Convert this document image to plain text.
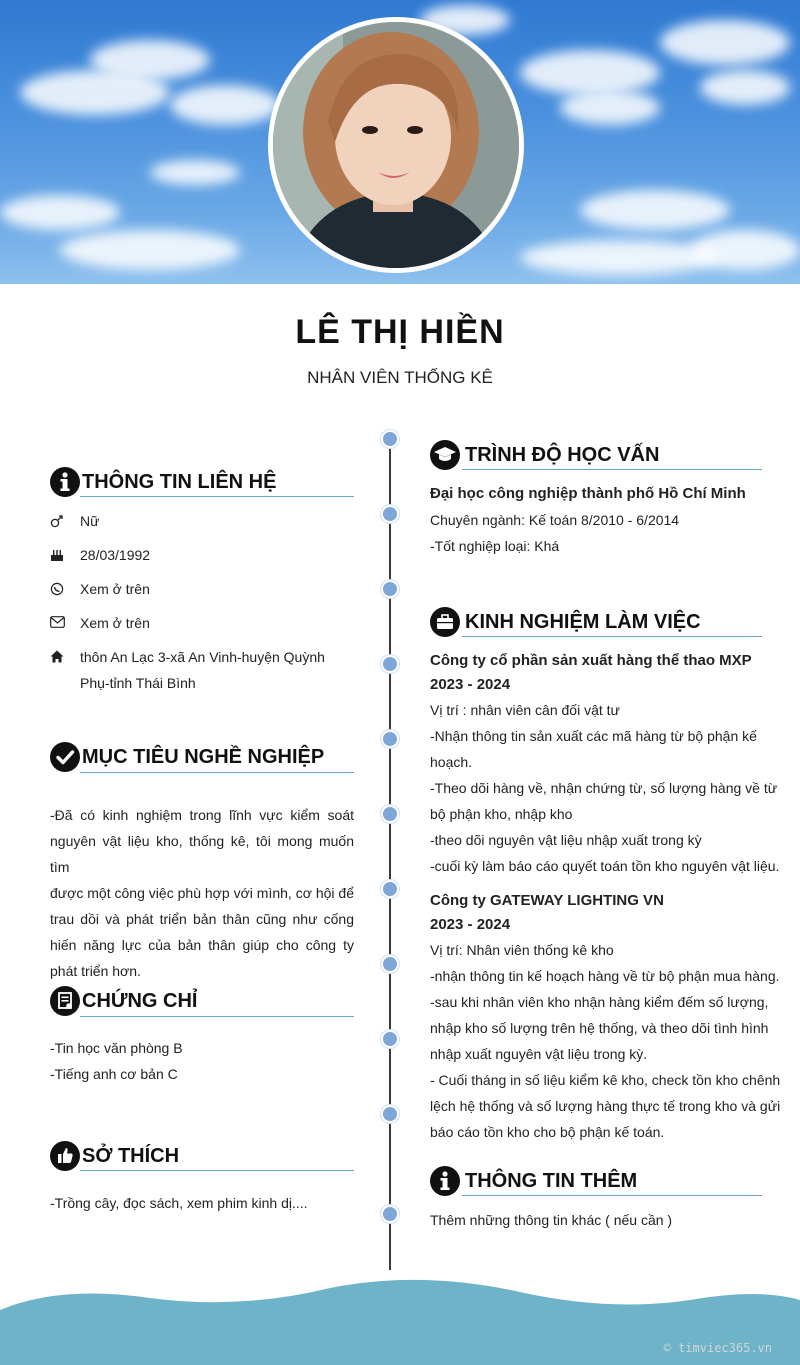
LÊ THỊ HIỀN
NHÂN VIÊN THỐNG KÊ
THÔNG TIN LIÊN HỆ
Nữ
28/03/1992
Xem ở trên
Xem ở trên
thôn An Lạc 3-xã An Vinh-huyện Quỳnh
Phụ-tỉnh Thái Bình
MỤC TIÊU NGHỀ NGHIỆP
-Đã có kinh nghiệm trong lĩnh vực kiểm soát
nguyên vật liệu kho, thống kê, tôi mong muốn tìm
được một công việc phù hợp với mình, cơ hội để
trau dồi và phát triển bản thân cũng như cống
hiến năng lực của bản thân giúp cho công ty
phát triển hơn.
CHỨNG CHỈ
-Tin học văn phòng B
-Tiếng anh cơ bản C
SỞ THÍCH
-Trồng cây, đọc sách, xem phim kinh dị....
TRÌNH ĐỘ HỌC VẤN
Đại học công nghiệp thành phố Hồ Chí Minh
Chuyên ngành: Kế toán 8/2010 - 6/2014
-Tốt nghiệp loại: Khá
KINH NGHIỆM LÀM VIỆC
Công ty cổ phần sản xuất hàng thể thao MXP
2023 - 2024
Vị trí : nhân viên cân đối vật tư
-Nhận thông tin sản xuất các mã hàng từ bộ phận kế
hoạch.
-Theo dõi hàng về, nhận chứng từ, số lượng hàng về từ
bộ phận kho, nhập kho
-theo dõi nguyên vật liệu nhập xuất trong kỳ
-cuối kỳ làm báo cáo quyết toán tồn kho nguyên vật liệu.
Công ty GATEWAY LIGHTING VN
2023 - 2024
Vị trí: Nhân viên thống kê kho
-nhận thông tin kế hoạch hàng về từ bộ phận mua hàng.
-sau khi nhân viên kho nhận hàng kiểm đếm số lượng,
nhập kho số lượng trên hệ thống, và theo dõi tình hình
nhập xuất nguyên vật liệu trong kỳ.
- Cuối tháng in số liệu kiểm kê kho, check tồn kho chênh
lệch hệ thống và số lượng hàng thực tế trong kho và gửi
báo cáo tồn kho cho bộ phận kế toán.
THÔNG TIN THÊM
Thêm những thông tin khác ( nếu cần )
© timviec365.vn
